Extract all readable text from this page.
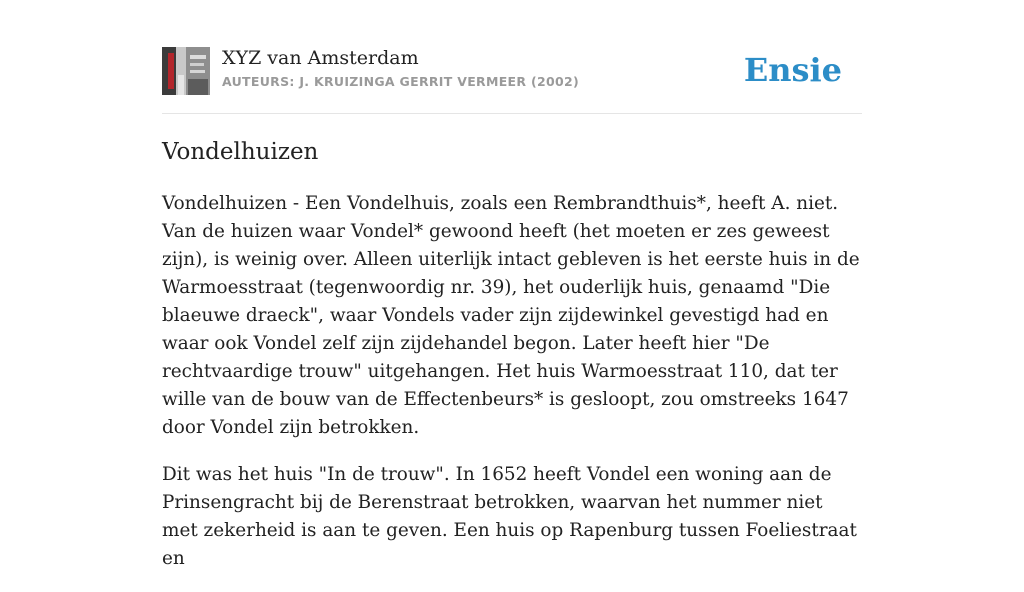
XYZ van Amsterdam
AUTEURS: J. KRUIZINGA GERRIT VERMEER (2002)	Ensie
Vondelhuizen

Vondelhuizen - Een Vondelhuis, zoals een Rembrandthuis*, heeft A. niet. Van de huizen waar Vondel* gewoond heeft (het moeten er zes geweest zijn), is weinig over. Alleen uiterlijk intact gebleven is het eerste huis in de Warmoesstraat (tegenwoordig nr. 39), het ouderlijk huis, genaamd "Die blaeuwe draeck", waar Vondels vader zijn zijdewinkel gevestigd had en waar ook Vondel zelf zijn zijdehandel begon. Later heeft hier "De rechtvaardige trouw" uitgehangen. Het huis Warmoesstraat 110, dat ter wille van de bouw van de Effectenbeurs* is gesloopt, zou omstreeks 1647 door Vondel zijn betrokken.

Dit was het huis "In de trouw". In 1652 heeft Vondel een woning aan de Prinsengracht bij de Berenstraat betrokken, waarvan het nummer niet met zekerheid is aan te geven. Een huis op Rapenburg tussen Foeliestraat en
